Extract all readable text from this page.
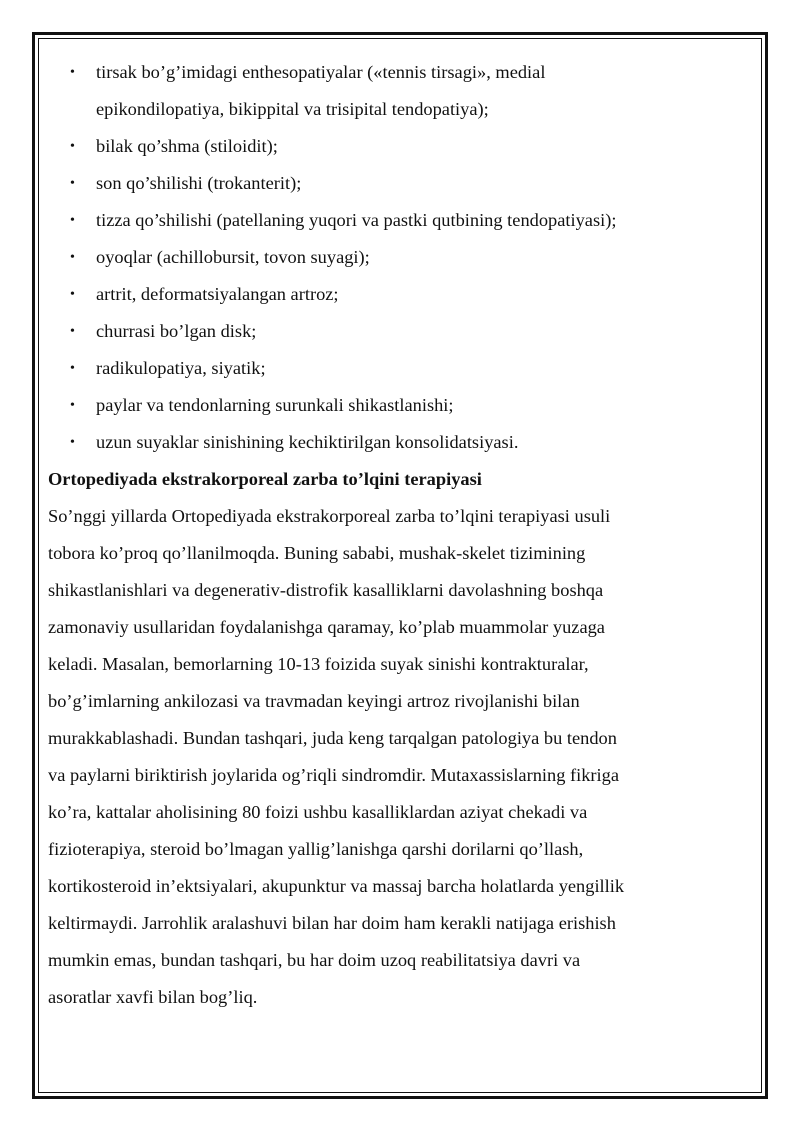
• tirsak bo’g’imidagi enthesopatiyalar («tennis tirsagi», medial
epikondilopatiya, bikippital va trisipital tendopatiya);
• bilak qo’shma (stiloidit);
• son qo’shilishi (trokanterit);
• tizza qo’shilishi (patellaning yuqori va pastki qutbining tendopatiyasi);
• oyoqlar (achillobursit, tovon suyagi);
• artrit, deformatsiyalangan artroz;
• churrasi bo’lgan disk;
• radikulopatiya, siyatik;
• paylar va tendonlarning surunkali shikastlanishi;
• uzun suyaklar sinishining kechiktirilgan konsolidatsiyasi.

Ortopediyada ekstrakorporeal zarba to’lqini terapiyasi

So’nggi yillarda Ortopediyada ekstrakorporeal zarba to’lqini terapiyasi usuli
tobora ko’proq qo’llanilmoqda. Buning sababi, mushak-skelet tizimining
shikastlanishlari va degenerativ-distrofik kasalliklarni davolashning boshqa
zamonaviy usullaridan foydalanishga qaramay, ko’plab muammolar yuzaga
keladi. Masalan, bemorlarning 10-13 foizida suyak sinishi kontrakturalar,
bo’g’imlarning ankilozasi va travmadan keyingi artroz rivojlanishi bilan
murakkablashadi. Bundan tashqari, juda keng tarqalgan patologiya bu tendon
va paylarni biriktirish joylarida og’riqli sindromdir. Mutaxassislarning fikriga
ko’ra, kattalar aholisining 80 foizi ushbu kasalliklardan aziyat chekadi va
fizioterapiya, steroid bo’lmagan yallig’lanishga qarshi dorilarni qo’llash,
kortikosteroid in’ektsiyalari, akupunktur va massaj barcha holatlarda yengillik
keltirmaydi. Jarrohlik aralashuvi bilan har doim ham kerakli natijaga erishish
mumkin emas, bundan tashqari, bu har doim uzoq reabilitatsiya davri va
asoratlar xavfi bilan bog’liq.
